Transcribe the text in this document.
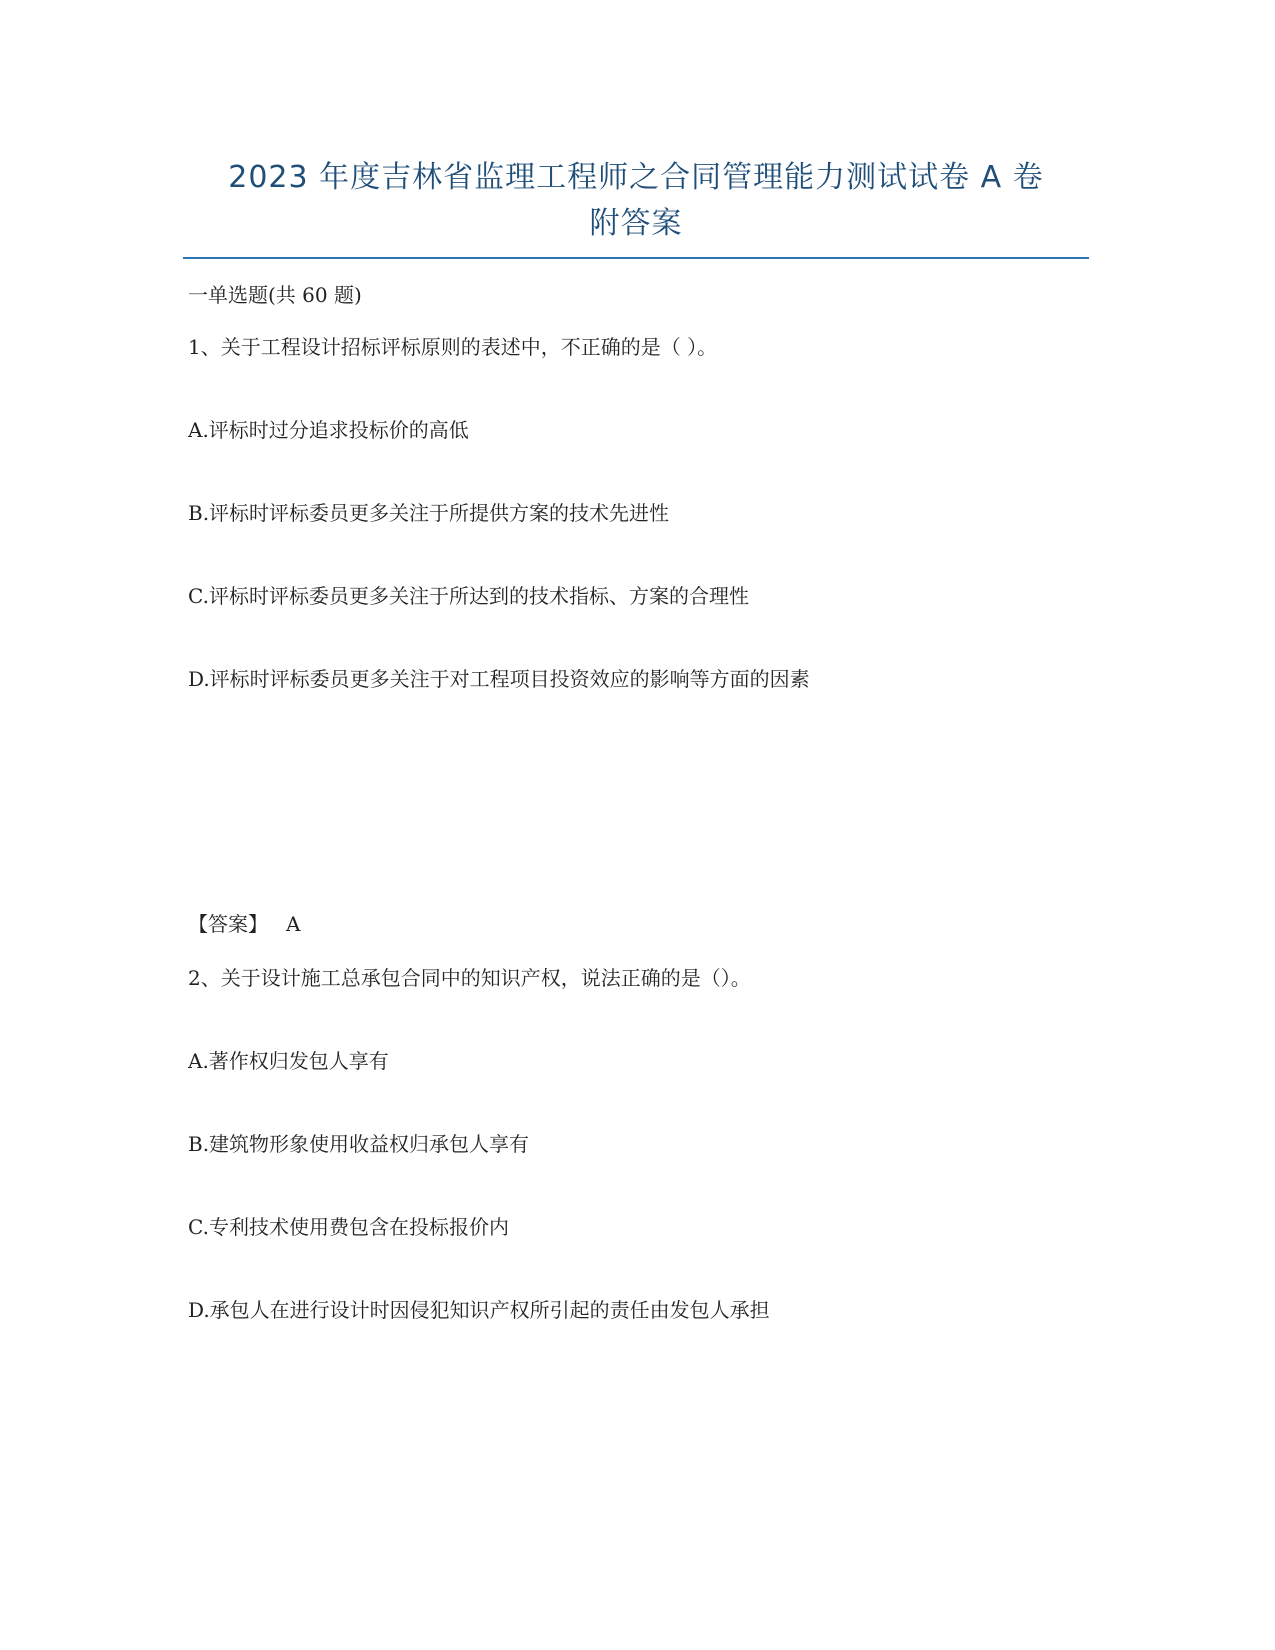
2023 年度吉林省监理工程师之合同管理能力测试试卷 A 卷
附答案
一单选题(共 60 题)
1、关于工程设计招标评标原则的表述中，不正确的是（ ）。
A.评标时过分追求投标价的高低
B.评标时评标委员更多关注于所提供方案的技术先进性
C.评标时评标委员更多关注于所达到的技术指标、方案的合理性
D.评标时评标委员更多关注于对工程项目投资效应的影响等方面的因素
【答案】 A
2、关于设计施工总承包合同中的知识产权，说法正确的是（）。
A.著作权归发包人享有
B.建筑物形象使用收益权归承包人享有
C.专利技术使用费包含在投标报价内
D.承包人在进行设计时因侵犯知识产权所引起的责任由发包人承担
